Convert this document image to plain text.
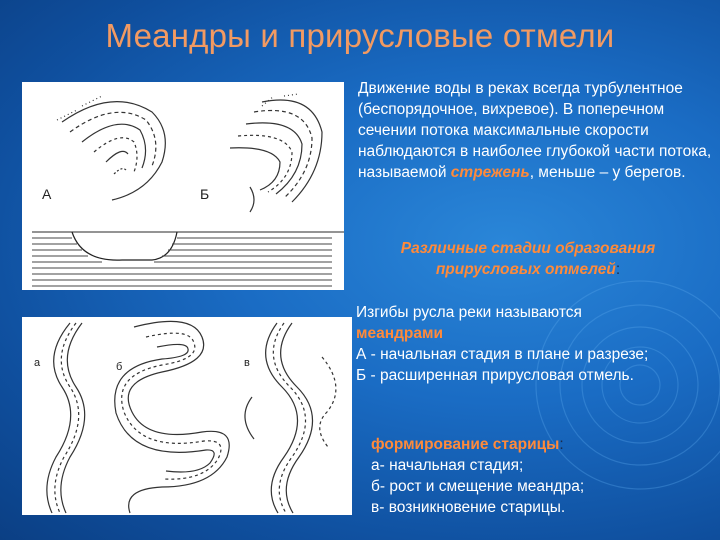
Меандры и прирусловые отмели
А	Б
а	б	в
Движение воды в реках всегда турбулентное (беспорядочное, вихревое). В поперечном сечении потока максимальные скорости наблюдаются в наиболее глубокой части потока, называемой стрежень, меньше – у берегов.
Различные стадии образования прирусловых отмелей:
Изгибы русла реки называются
меандрами
А - начальная стадия в плане и разрезе;
Б - расширенная прирусловая отмель.
формирование старицы:
а- начальная стадия;
б- рост и смещение меандра;
в- возникновение старицы.
